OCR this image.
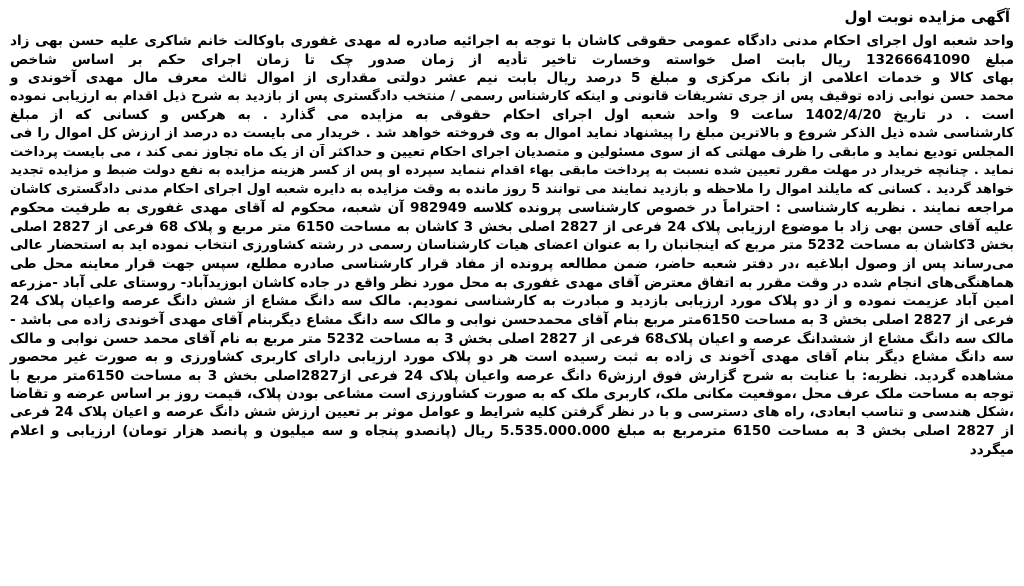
آگهی مزایده نوبت اول
واحد شعبه اول اجرای احکام مدنی دادگاه عمومی حقوقی کاشان با توجه به اجرائیه صادره له مهدی غفوری باوکالت خانم شاکری علیه حسن بهی زاد
مبلغ 13266641090 ریال بابت اصل خواسته وخسارت تاخیر تأدیه از زمان صدور چک تا زمان اجرای حکم بر اساس شاخص
بهای کالا و خدمات اعلامی از بانک مرکزی و مبلغ 5 درصد ریال بابت نیم عشر دولتی مقداری از اموال ثالث معرف مال مهدی آخوندی و
محمد حسن نوابی زاده توقیف پس از جری تشریفات قانونی و اینکه کارشناس رسمی / منتخب دادگستری پس از بازدید به شرح ذیل اقدام به ارزیابی نموده
است . در تاریخ 1402/4/20 ساعت 9 واحد شعبه اول اجرای احکام حقوقی به مزایده می گذارد . به هرکس و کسانی که از مبلغ
کارشناسی شده ذیل الذکر شروع و بالاترین مبلغ را پیشنهاد نماید اموال به وی فروخته خواهد شد . خریدار می بایست ده درصد از ارزش کل اموال را فی
المجلس تودیع نماید و مابقی را ظرف مهلتی که از سوی مسئولین و متصدیان اجرای احکام تعیین و حداکثر آن از یک ماه تجاوز نمی کند ، می بایست پرداخت
نماید . چنانچه خریدار در مهلت مقرر تعیین شده نسبت به پرداخت مابقی بهاء اقدام ننماید سپرده او پس از کسر هزینه مزایده به نفع دولت ضبط و مزایده تجدید
خواهد گردید . کسانی که مایلند اموال را ملاحظه و بازدید نمایند می توانند 5 روز مانده به وقت مزایده به دایره شعبه اول اجرای احکام مدنی دادگستری کاشان
مراجعه نمایند . نظریه کارشناسی : احتراماً در خصوص کارشناسی پرونده کلاسه 982949 آن شعبه، محکوم له آقای مهدی غفوری به طرفیت محکوم
علیه آقای حسن بهی زاد با موضوع ارزیابی پلاک 24 فرعی از 2827 اصلی بخش 3 کاشان به مساحت 6150 متر مربع و پلاک 68 فرعی از 2827 اصلی
بخش 3کاشان به مساحت 5232 متر مربع که اینجانبان را به عنوان اعضای هیات کارشناسان رسمی در رشته کشاورزی انتخاب نموده اید به استحضار عالی
می‌رساند پس از وصول ابلاغیه ،در دفتر شعبه حاضر، ضمن مطالعه پرونده از مفاد قرار کارشناسی صادره مطلع، سپس جهت قرار معاینه محل طی
هماهنگی‌های انجام شده در وقت مقرر به اتفاق معترض آقای مهدی غفوری به محل مورد نظر واقع در جاده کاشان ابوزیدآباد- روستای علی آباد -مزرعه
امین آباد عزیمت نموده و از دو پلاک مورد ارزیابی بازدید و مبادرت به کارشناسی نمودیم. مالک سه دانگ مشاع از شش دانگ عرصه واعیان پلاک 24
فرعی از 2827 اصلی بخش 3 به مساحت 6150متر مربع بنام آقای محمدحسن نوابی و مالک سه دانگ مشاع دیگربنام آقای مهدی آخوندی زاده می باشد -
مالک سه دانگ مشاع از ششدانگ عرصه و اعیان پلاک68 فرعی از 2827 اصلی بخش 3 به مساحت 5232 متر مربع به نام آقای محمد حسن نوابی و مالک
سه دانگ مشاع دیگر بنام آقای مهدی آخوند ی زاده به ثبت رسیده است هر دو پلاک مورد ارزیابی دارای کاربری کشاورزی و به صورت غیر محصور
مشاهده گردید. نظریه: با عنایت به شرح گزارش فوق ارزش6 دانگ عرصه واعیان پلاک 24 فرعی از2827اصلی بخش 3 به مساحت 6150متر مربع با
توجه به مساحت ملک عرف محل ،موقعیت مکانی ملک، کاربری ملک که به صورت کشاورزی است مشاعی بودن پلاک، قیمت روز بر اساس عرضه و تقاضا
،شکل هندسی و تناسب ابعادی، راه های دسترسی و با در نظر گرفتن کلیه شرایط و عوامل موثر بر تعیین ارزش شش دانگ عرصه و اعیان پلاک 24 فرعی
از 2827 اصلی بخش 3 به مساحت 6150 مترمربع به مبلغ 5.535.000.000 ریال (پانصدو پنجاه و سه میلیون و پانصد هزار تومان) ارزیابی و اعلام
میگردد
